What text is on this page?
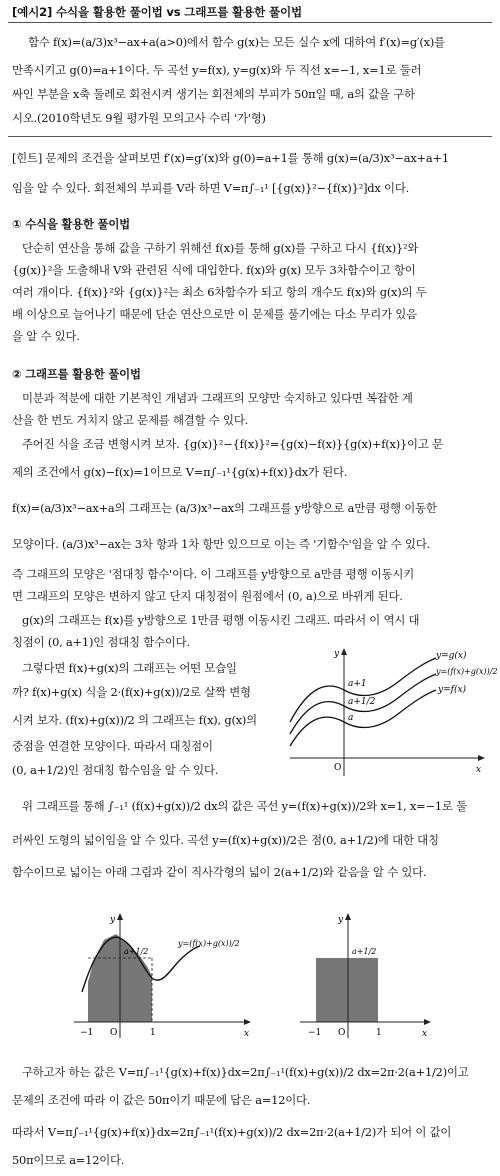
[예시2] 수식을 활용한 풀이법 vs 그래프를 활용한 풀이법
함수 f(x)=(a/3)x³−ax+a(a>0)에서 함수 g(x)는 모든 실수 x에 대하여 f′(x)=g′(x)를
만족시키고 g(0)=a+1이다. 두 곡선 y=f(x), y=g(x)와 두 직선 x=−1, x=1로 둘러
싸인 부분을 x축 둘레로 회전시켜 생기는 회전체의 부피가 50π일 때, a의 값을 구하
시오.(2010학년도 9월 평가원 모의고사 수리 '가'형)
[힌트] 문제의 조건을 살펴보면 f′(x)=g′(x)와 g(0)=a+1를 통해 g(x)=(a/3)x³−ax+a+1
임을 알 수 있다. 회전체의 부피를 V라 하면 V=π∫₋₁¹ [{g(x)}²−{f(x)}²]dx 이다.
① 수식을 활용한 풀이법
단순히 연산을 통해 값을 구하기 위해선 f(x)를 통해 g(x)를 구하고 다시 {f(x)}²와
{g(x)}²을 도출해내 V와 관련된 식에 대입한다. f(x)와 g(x) 모두 3차함수이고 항이
여러 개이다. {f(x)}²와 {g(x)}²는 최소 6차함수가 되고 항의 개수도 f(x)와 g(x)의 두
배 이상으로 늘어나기 때문에 단순 연산으로만 이 문제를 풀기에는 다소 무리가 있음
을 알 수 있다.
② 그래프를 활용한 풀이법
미분과 적분에 대한 기본적인 개념과 그래프의 모양만 숙지하고 있다면 복잡한 계
산을 한 번도 거치지 않고 문제를 해결할 수 있다.
주어진 식을 조금 변형시켜 보자. {g(x)}²−{f(x)}²={g(x)−f(x)}{g(x)+f(x)}이고 문
제의 조건에서 g(x)−f(x)=1이므로 V=π∫₋₁¹{g(x)+f(x)}dx가 된다.
f(x)=(a/3)x³−ax+a의 그래프는 (a/3)x³−ax의 그래프를 y방향으로 a만큼 평행 이동한
모양이다. (a/3)x³−ax는 3차 항과 1차 항만 있으므로 이는 즉 '기함수'임을 알 수 있다.
즉 그래프의 모양은 '점대칭 함수'이다. 이 그래프를 y방향으로 a만큼 평행 이동시키
면 그래프의 모양은 변하지 않고 단지 대칭점이 원점에서 (0, a)으로 바뀌게 된다.
g(x)의 그래프는 f(x)를 y방향으로 1만큼 평행 이동시킨 그래프. 따라서 이 역시 대
칭점이 (0, a+1)인 점대칭 함수이다.
그렇다면 f(x)+g(x)의 그래프는 어떤 모습일
까? f(x)+g(x) 식을 2·(f(x)+g(x))/2로 살짝 변형
시켜 보자. (f(x)+g(x))/2 의 그래프는 f(x), g(x)의
중점을 연결한 모양이다. 따라서 대칭점이
(0, a+1/2)인 점대칭 함수임을 알 수 있다.
y=g(x)
y=(f(x)+g(x))/2
y=f(x)
a+1
a+1/2
a
y
O	x
위 그래프를 통해 ∫₋₁¹ (f(x)+g(x))/2 dx의 값은 곡선 y=(f(x)+g(x))/2와 x=1, x=−1로 둘
러싸인 도형의 넓이임을 알 수 있다. 곡선 y=(f(x)+g(x))/2은 점(0, a+1/2)에 대한 대칭
함수이므로 넓이는 아래 그림과 같이 직사각형의 넓이 2(a+1/2)와 같음을 알 수 있다.
y
a+1/2
y=(f(x)+g(x))/2
−1 O	1	x
y
a+1/2
−1 O	1	x
구하고자 하는 값은 V=π∫₋₁¹{g(x)+f(x)}dx=2π∫₋₁¹(f(x)+g(x))/2 dx=2π·2(a+1/2)이고
문제의 조건에 따라 이 값은 50π이기 때문에 답은 a=12이다.
따라서 V=π∫₋₁¹{g(x)+f(x)}dx=2π∫₋₁¹(f(x)+g(x))/2 dx=2π·2(a+1/2)가 되어 이 값이
50π이므로 a=12이다.
